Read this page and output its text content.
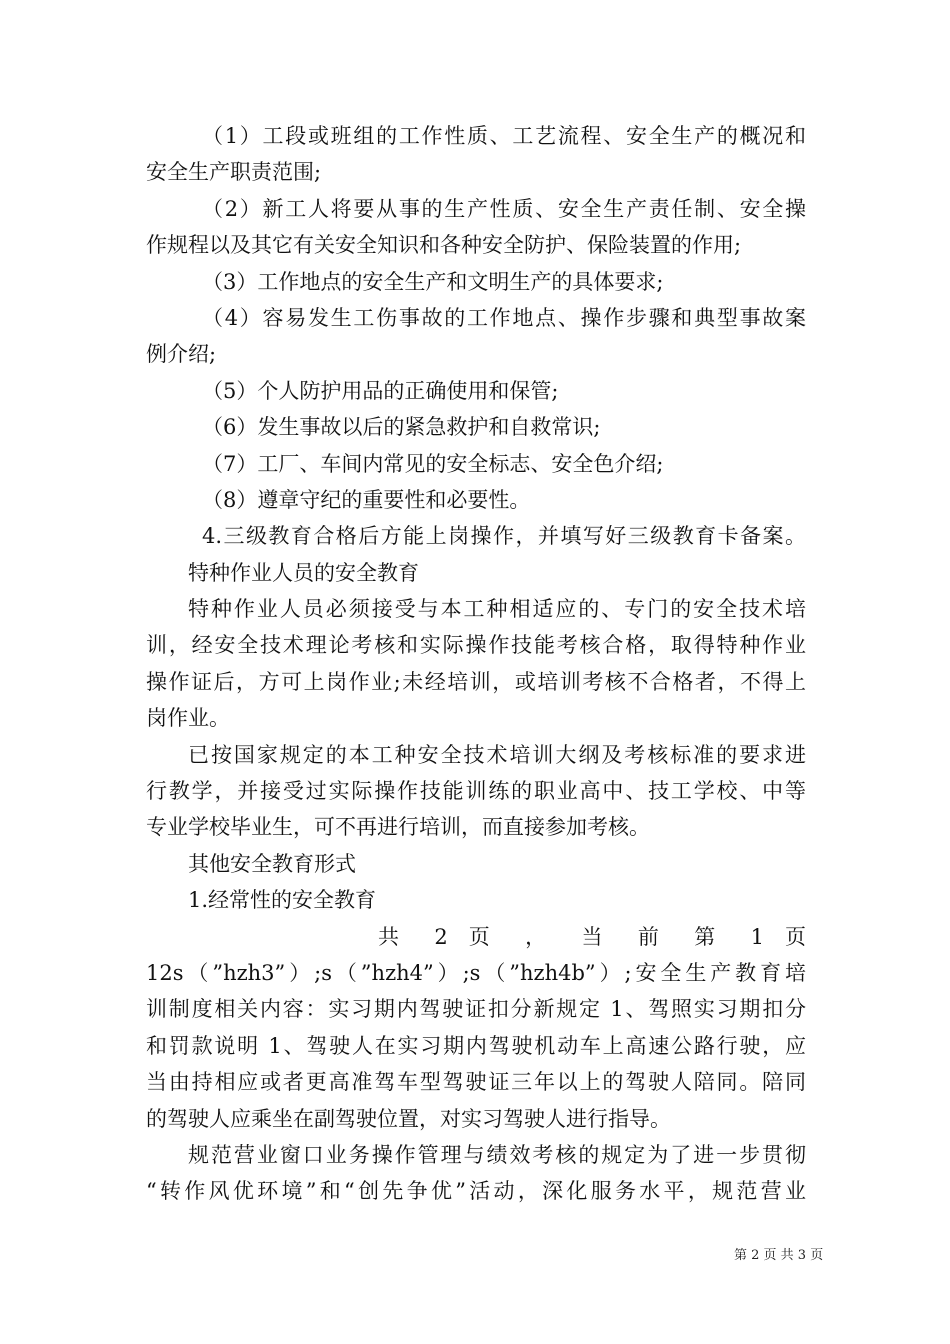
（1）工段或班组的工作性质、工艺流程、安全生产的概况和
安全生产职责范围;
（2）新工人将要从事的生产性质、安全生产责任制、安全操
作规程以及其它有关安全知识和各种安全防护、保险装置的作用;
（3）工作地点的安全生产和文明生产的具体要求;
（4）容易发生工伤事故的工作地点、操作步骤和典型事故案
例介绍;
（5）个人防护用品的正确使用和保管;
（6）发生事故以后的紧急救护和自救常识;
（7）工厂、车间内常见的安全标志、安全色介绍;
（8）遵章守纪的重要性和必要性。
4.三级教育合格后方能上岗操作，并填写好三级教育卡备案。
特种作业人员的安全教育
特种作业人员必须接受与本工种相适应的、专门的安全技术培
训，经安全技术理论考核和实际操作技能考核合格，取得特种作业
操作证后，方可上岗作业;未经培训，或培训考核不合格者，不得上
岗作业。
已按国家规定的本工种安全技术培训大纲及考核标准的要求进
行教学，并接受过实际操作技能训练的职业高中、技工学校、中等
专业学校毕业生，可不再进行培训，而直接参加考核。
其他安全教育形式
1.经常性的安全教育
共 2 页 ， 当 前 第 1 页
12s（”hzh3”）;s（”hzh4”）;s（”hzh4b”）;安全生产教育培
训制度相关内容：实习期内驾驶证扣分新规定 1、驾照实习期扣分
和罚款说明 1、驾驶人在实习期内驾驶机动车上高速公路行驶，应
当由持相应或者更高准驾车型驾驶证三年以上的驾驶人陪同。陪同
的驾驶人应乘坐在副驾驶位置，对实习驾驶人进行指导。
规范营业窗口业务操作管理与绩效考核的规定为了进一步贯彻
“转作风优环境”和“创先争优”活动，深化服务水平，规范营业
第 2 页 共 3 页
